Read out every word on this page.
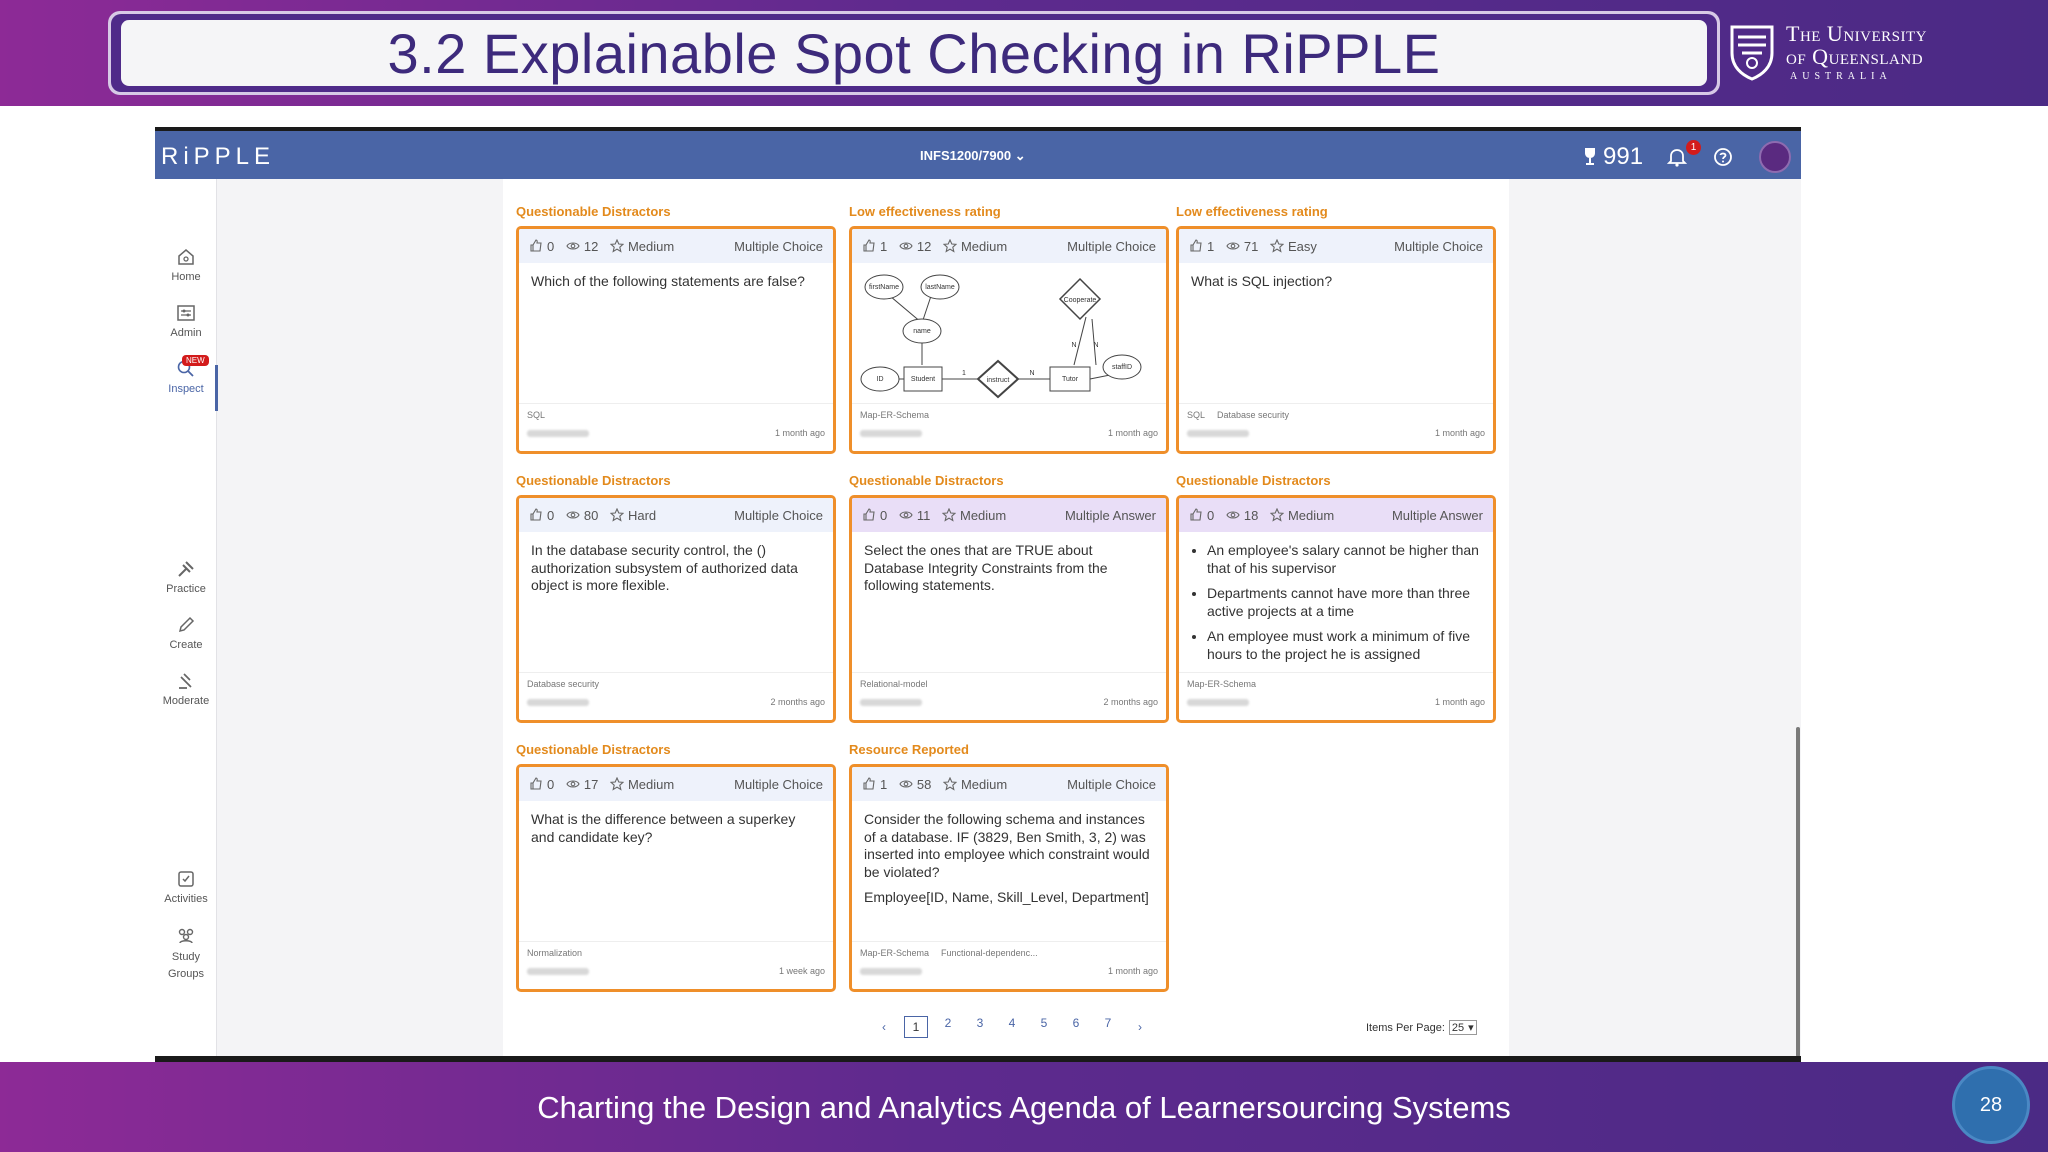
3.2 Explainable Spot Checking in RiPPLE	The University
of Queensland
AUSTRALIA
RiPPLE	INFS1200/7900 ⌄	991	1
Home
Admin
NEW
Inspect
Practice
Create
Moderate
Activities
Study Groups
Questionable Distractors
0
12
Medium	Multiple Choice

Which of the following statements are false?

SQL
1 month ago
Low effectiveness rating
1
12
Medium	Multiple Choice
firstName	lastName
name
ID
staffID
Student	Tutor
instruct
Cooperate
1	N
N N
Map-ER-Schema
1 month ago
Low effectiveness rating
1
71
Easy	Multiple Choice

What is SQL injection?

SQL Database security
1 month ago
Questionable Distractors
0
80
Hard	Multiple Choice

In the database security control, the () authorization subsystem of authorized data object is more flexible.

Database security
2 months ago
Questionable Distractors
0
11
Medium	Multiple Answer

Select the ones that are TRUE about Database Integrity Constraints from the following statements.

Relational-model
2 months ago
Questionable Distractors
0
18
Medium	Multiple Answer
• An employee's salary cannot be higher than that of his supervisor
• Departments cannot have more than three active projects at a time
• An employee must work a minimum of five hours to the project he is assigned
Map-ER-Schema
1 month ago
Questionable Distractors
0
17
Medium	Multiple Choice

What is the difference between a superkey and candidate key?

Normalization
1 week ago
Resource Reported
1
58
Medium	Multiple Choice

Consider the following schema and instances of a database. IF (3829, Ben Smith, 3, 2) was inserted into employee which constraint would be violated?

Employee[ID, Name, Skill_Level, Department]

Map-ER-Schema Functional-dependenc...
1 month ago
‹	1	2	3	4	5	6	7	›	Items Per Page: 25 ▾
Charting the Design and Analytics Agenda of Learnersourcing Systems	28
